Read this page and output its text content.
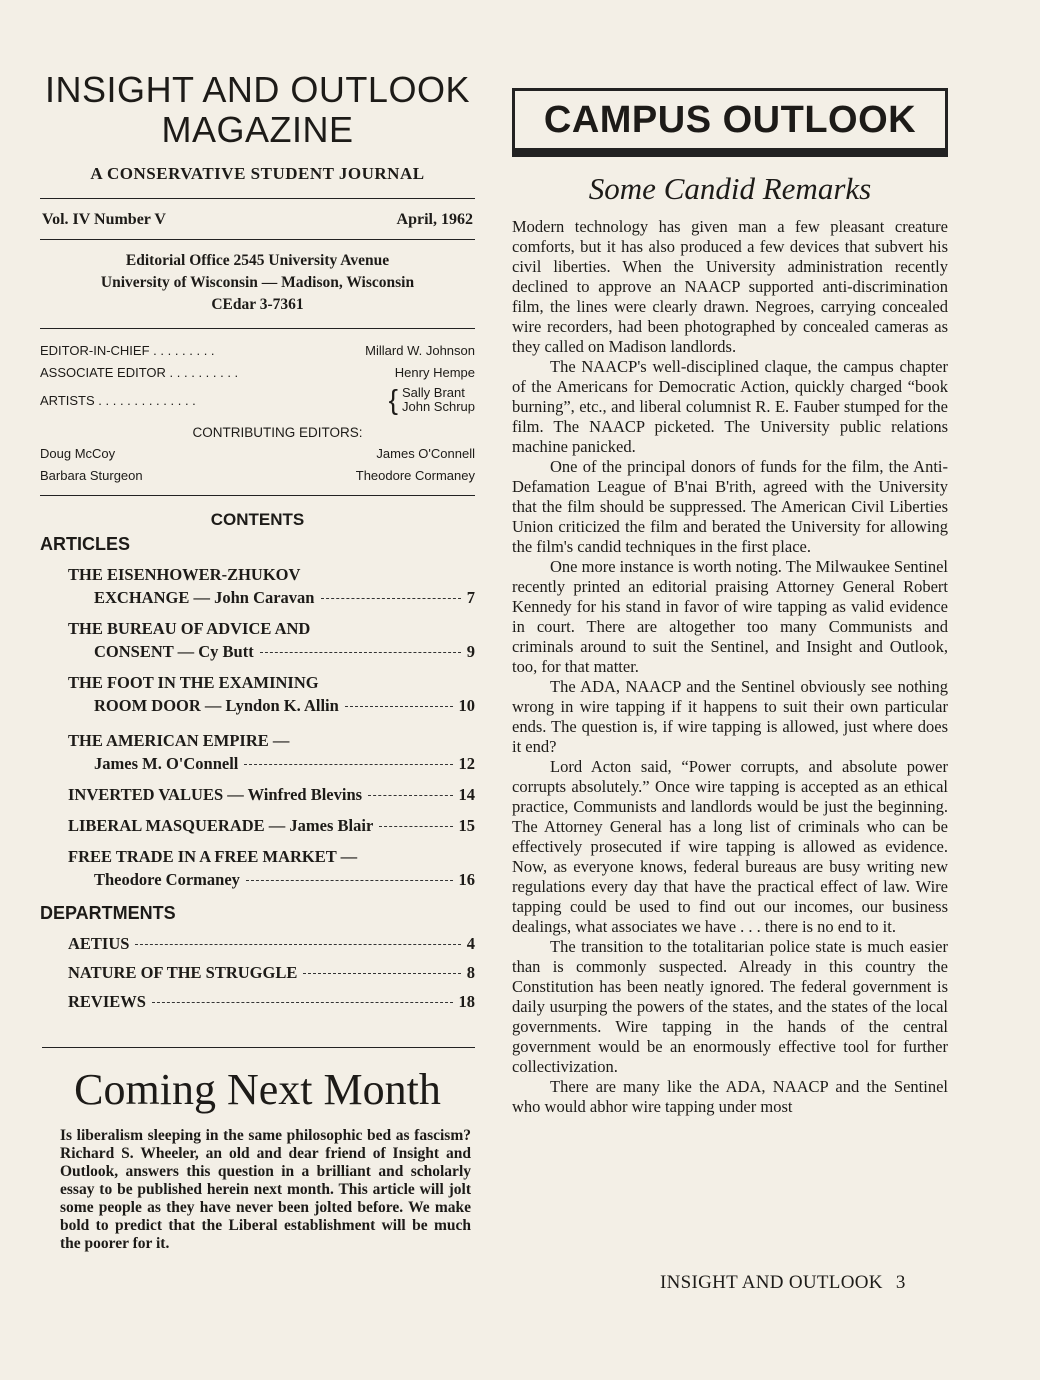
INSIGHT AND OUTLOOK
MAGAZINE
A CONSERVATIVE STUDENT JOURNAL
Vol. IV Number V	April, 1962
Editorial Office 2545 University Avenue
University of Wisconsin — Madison, Wisconsin
CEdar 3-7361
EDITOR-IN-CHIEF . . . . . . . . .	Millard W. Johnson
ASSOCIATE EDITOR . . . . . . . . . .	Henry Hempe
ARTISTS . . . . . . . . . . . . . .	{ Sally Brant
John Schrup
CONTRIBUTING EDITORS:
Doug McCoy	James O'Connell
Barbara Sturgeon	Theodore Cormaney
CONTENTS
ARTICLES
THE EISENHOWER-ZHUKOV
EXCHANGE — John Caravan	7
THE BUREAU OF ADVICE AND
CONSENT — Cy Butt	9
THE FOOT IN THE EXAMINING
ROOM DOOR — Lyndon K. Allin	10
THE AMERICAN EMPIRE —
James M. O'Connell	12
INVERTED VALUES — Winfred Blevins	14
LIBERAL MASQUERADE — James Blair	15
FREE TRADE IN A FREE MARKET —
Theodore Cormaney	16
DEPARTMENTS
AETIUS	4
NATURE OF THE STRUGGLE	8
REVIEWS	18
Coming Next Month
Is liberalism sleeping in the same philosophic bed as fascism? Richard S. Wheeler, an old and dear friend of Insight and Outlook, answers this question in a brilliant and scholarly essay to be published herein next month. This article will jolt some people as they have never been jolted before. We make bold to predict that the Liberal establishment will be much the poorer for it.
CAMPUS OUTLOOK
Some Candid Remarks

Modern technology has given man a few pleasant creature comforts, but it has also produced a few devices that subvert his civil liberties. When the University administration recently declined to approve an NAACP supported anti-discrimination film, the lines were clearly drawn. Negroes, carrying concealed wire recorders, had been photographed by concealed cameras as they called on Madison landlords.

The NAACP's well-disciplined claque, the campus chapter of the Americans for Democratic Action, quickly charged “book burning”, etc., and liberal columnist R. E. Fauber stumped for the film. The NAACP picketed. The University public relations machine panicked.

One of the principal donors of funds for the film, the Anti-Defamation League of B'nai B'rith, agreed with the University that the film should be suppressed. The American Civil Liberties Union criticized the film and berated the University for allowing the film's candid techniques in the first place.

One more instance is worth noting. The Milwaukee Sentinel recently printed an editorial praising Attorney General Robert Kennedy for his stand in favor of wire tapping as valid evidence in court. There are altogether too many Communists and criminals around to suit the Sentinel, and Insight and Outlook, too, for that matter.

The ADA, NAACP and the Sentinel obviously see nothing wrong in wire tapping if it happens to suit their own particular ends. The question is, if wire tapping is allowed, just where does it end?

Lord Acton said, “Power corrupts, and absolute power corrupts absolutely.” Once wire tapping is accepted as an ethical practice, Communists and landlords would be just the beginning. The Attorney General has a long list of criminals who can be effectively prosecuted if wire tapping is allowed as evidence. Now, as everyone knows, federal bureaus are busy writing new regulations every day that have the practical effect of law. Wire tapping could be used to find out our incomes, our business dealings, what associates we have . . . there is no end to it.

The transition to the totalitarian police state is much easier than is commonly suspected. Already in this country the Constitution has been neatly ignored. The federal government is daily usurping the powers of the states, and the states of the local governments. Wire tapping in the hands of the central government would be an enormously effective tool for further collectivization.

There are many like the ADA, NAACP and the Sentinel who would abhor wire tapping under most

INSIGHT AND OUTLOOK 3
